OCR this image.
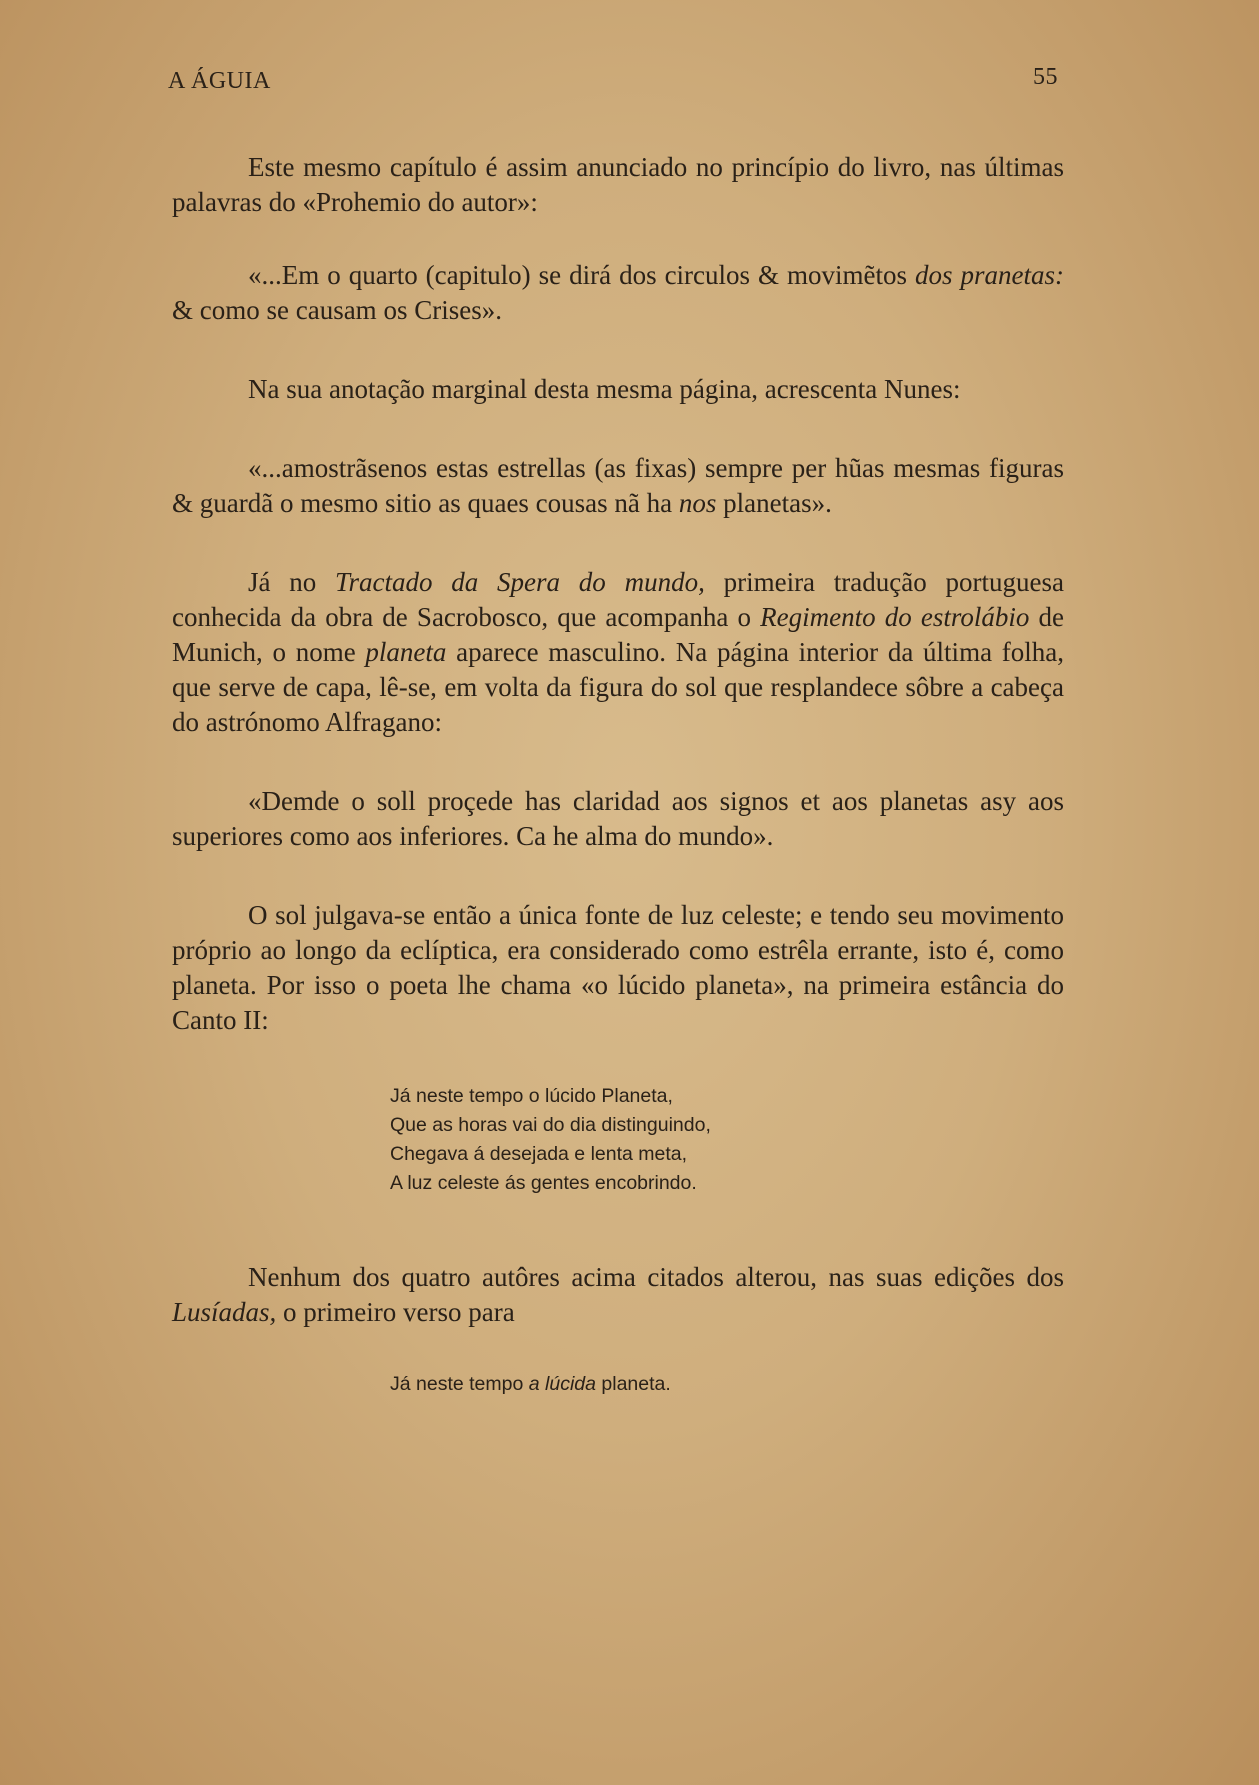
A ÁGUIA	55

Este mesmo capítulo é assim anunciado no princípio do livro, nas últimas palavras do «Prohemio do autor»:

«...Em o quarto (capitulo) se dirá dos circulos & movimẽtos dos pranetas: & como se causam os Crises».

Na sua anotação marginal desta mesma página, acrescenta Nunes:

«...amostrãsenos estas estrellas (as fixas) sempre per hũas mesmas figuras & guardã o mesmo sitio as quaes cousas nã ha nos planetas».

Já no Tractado da Spera do mundo, primeira tradução portuguesa conhecida da obra de Sacrobosco, que acompanha o Regimento do estrolábio de Munich, o nome planeta aparece masculino. Na página interior da última folha, que serve de capa, lê-se, em volta da figura do sol que resplandece sôbre a cabeça do astrónomo Alfragano:

«Demde o soll proçede has claridad aos signos et aos planetas asy aos superiores como aos inferiores. Ca he alma do mundo».

O sol julgava-se então a única fonte de luz celeste; e tendo seu movimento próprio ao longo da eclíptica, era considerado como estrêla errante, isto é, como planeta. Por isso o poeta lhe chama «o lúcido planeta», na primeira estância do Canto II:

Já neste tempo o lúcido Planeta,
Que as horas vai do dia distinguindo,
Chegava á desejada e lenta meta,
A luz celeste ás gentes encobrindo.

Nenhum dos quatro autôres acima citados alterou, nas suas edições dos Lusíadas, o primeiro verso para

Já neste tempo a lúcida planeta.
